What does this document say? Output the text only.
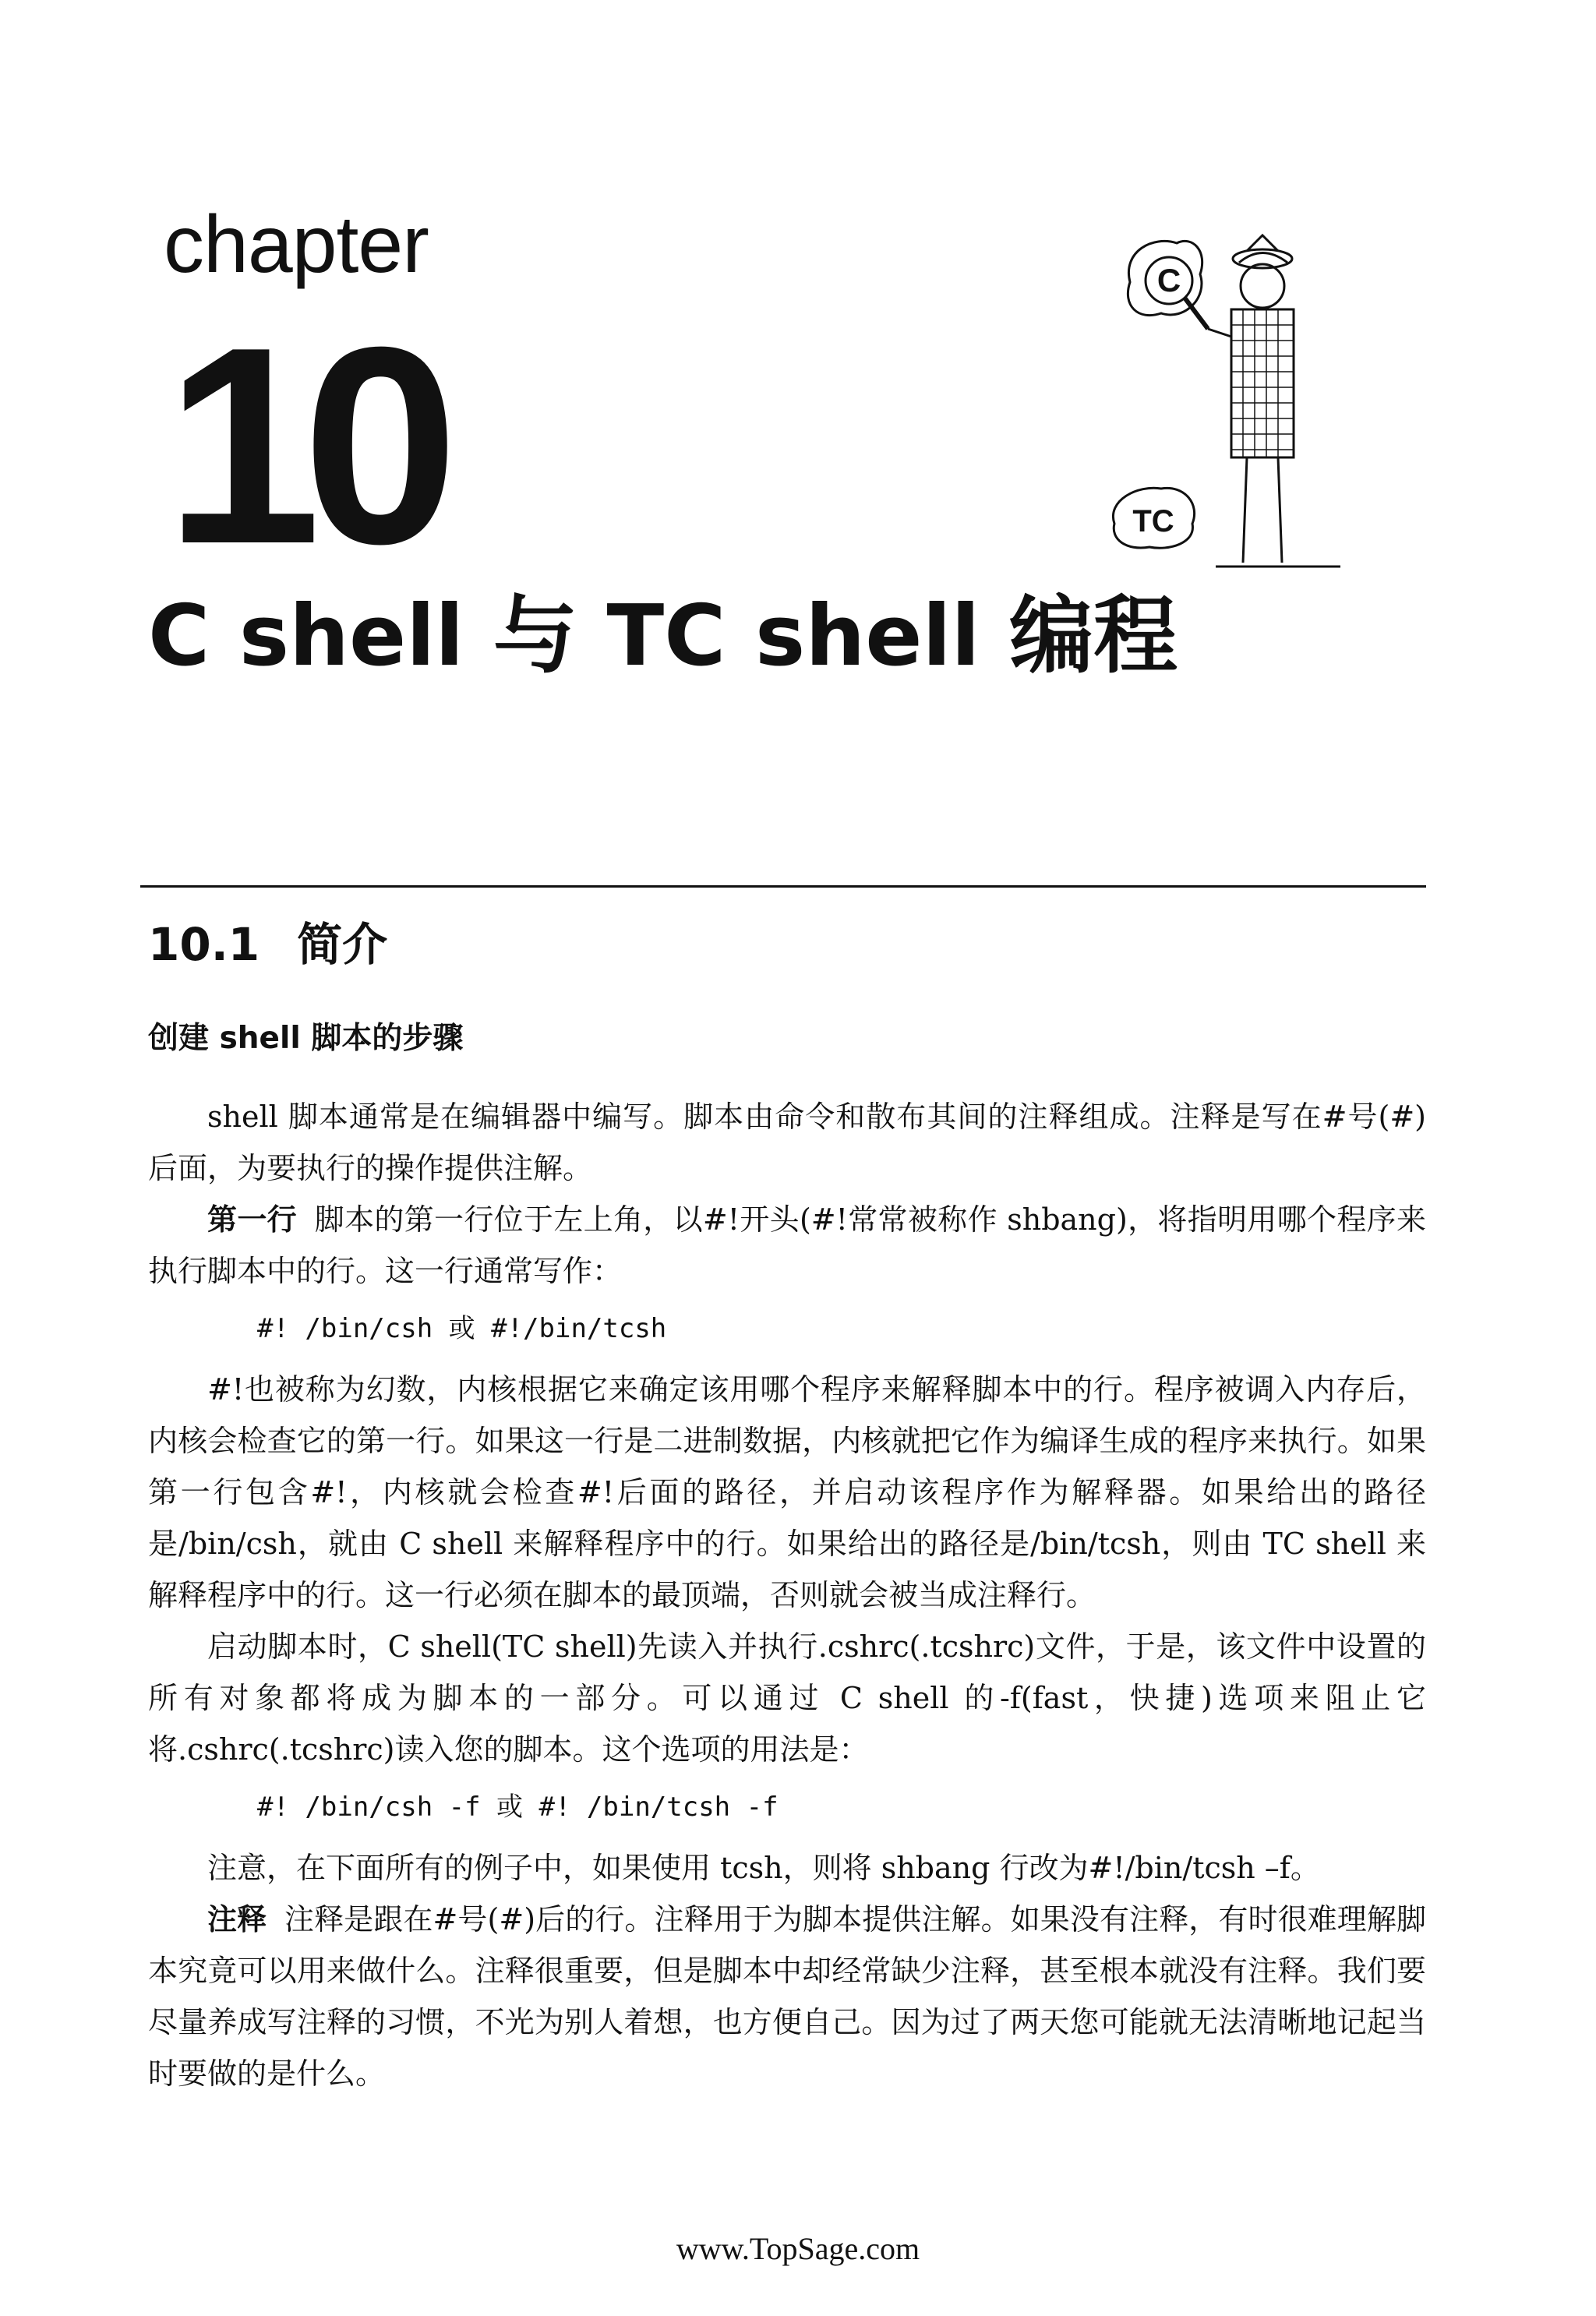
chapter
10
C
TC
C shell 与 TC shell 编程
10.1 简介
创建 shell 脚本的步骤

shell 脚本通常是在编辑器中编写。脚本由命令和散布其间的注释组成。注释是写在#号(#)后面，为要执行的操作提供注解。

第一行 脚本的第一行位于左上角，以#!开头(#!常常被称作 shbang)，将指明用哪个程序来执行脚本中的行。这一行通常写作：

#! /bin/csh 或 #!/bin/tcsh

#!也被称为幻数，内核根据它来确定该用哪个程序来解释脚本中的行。程序被调入内存后，内核会检查它的第一行。如果这一行是二进制数据，内核就把它作为编译生成的程序来执行。如果第一行包含#!，内核就会检查#!后面的路径，并启动该程序作为解释器。如果给出的路径是/bin/csh，就由 C shell 来解释程序中的行。如果给出的路径是/bin/tcsh，则由 TC shell 来解释程序中的行。这一行必须在脚本的最顶端，否则就会被当成注释行。

启动脚本时，C shell(TC shell)先读入并执行.cshrc(.tcshrc)文件，于是，该文件中设置的所有对象都将成为脚本的一部分。可以通过 C shell 的-f(fast，快捷)选项来阻止它将.cshrc(.tcshrc)读入您的脚本。这个选项的用法是：

#! /bin/csh -f 或 #! /bin/tcsh -f

注意，在下面所有的例子中，如果使用 tcsh，则将 shbang 行改为#!/bin/tcsh –f。

注释 注释是跟在#号(#)后的行。注释用于为脚本提供注解。如果没有注释，有时很难理解脚本究竟可以用来做什么。注释很重要，但是脚本中却经常缺少注释，甚至根本就没有注释。我们要尽量养成写注释的习惯，不光为别人着想，也方便自己。因为过了两天您可能就无法清晰地记起当时要做的是什么。

www.TopSage.com
